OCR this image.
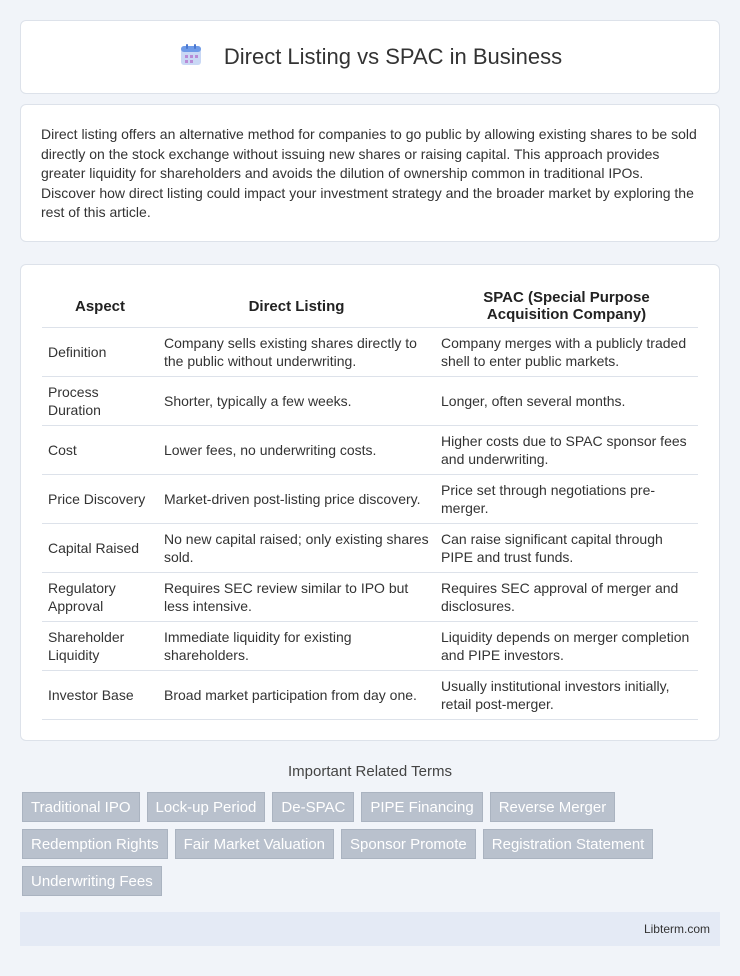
Direct Listing vs SPAC in Business

Direct listing offers an alternative method for companies to go public by allowing existing shares to be sold directly on the stock exchange without issuing new shares or raising capital. This approach provides greater liquidity for shareholders and avoids the dilution of ownership common in traditional IPOs. Discover how direct listing could impact your investment strategy and the broader market by exploring the rest of this article.

Aspect	Direct Listing	SPAC (Special Purpose Acquisition Company)
Definition	Company sells existing shares directly to the public without underwriting.	Company merges with a publicly traded shell to enter public markets.
Process Duration	Shorter, typically a few weeks.	Longer, often several months.
Cost	Lower fees, no underwriting costs.	Higher costs due to SPAC sponsor fees and underwriting.
Price Discovery	Market-driven post-listing price discovery.	Price set through negotiations pre-merger.
Capital Raised	No new capital raised; only existing shares sold.	Can raise significant capital through PIPE and trust funds.
Regulatory Approval	Requires SEC review similar to IPO but less intensive.	Requires SEC approval of merger and disclosures.
Shareholder Liquidity	Immediate liquidity for existing shareholders.	Liquidity depends on merger completion and PIPE investors.
Investor Base	Broad market participation from day one.	Usually institutional investors initially, retail post-merger.
Important Related Terms
Traditional IPO	Lock-up Period	De-SPAC	PIPE Financing	Reverse Merger
Redemption Rights	Fair Market Valuation	Sponsor Promote	Registration Statement
Underwriting Fees
Libterm.com
